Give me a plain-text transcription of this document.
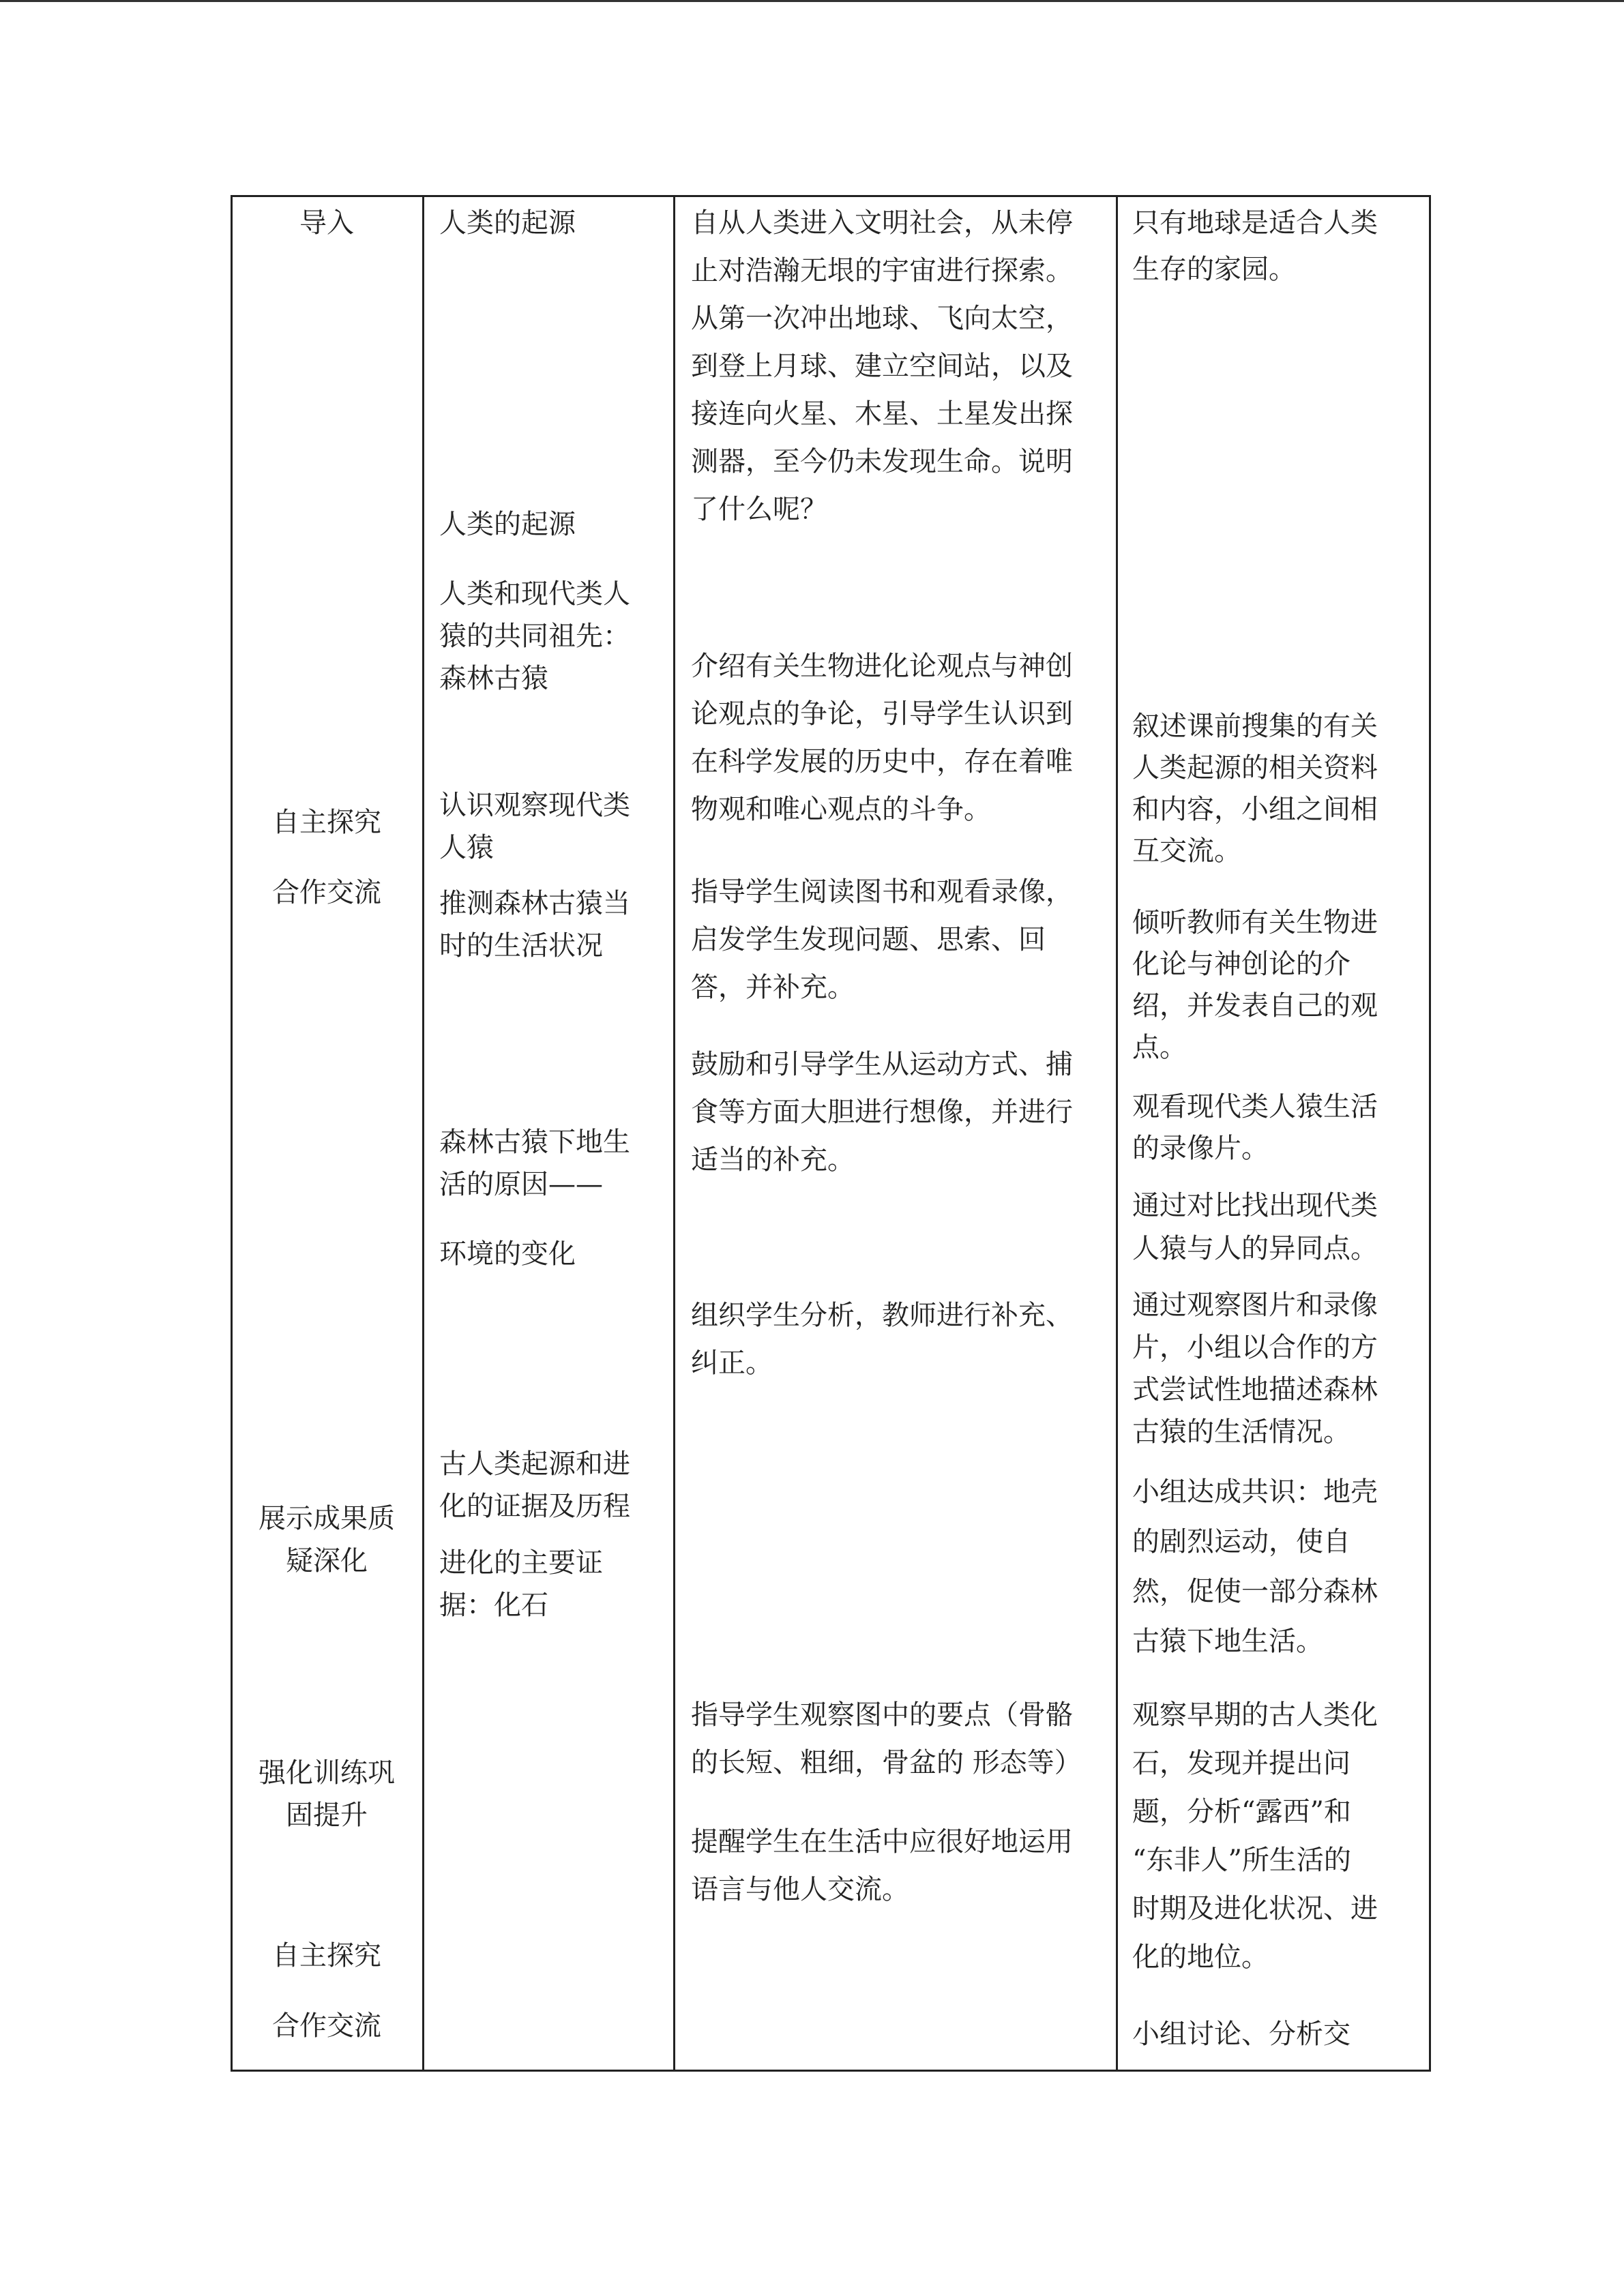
导入

自主探究

合作交流

展示成果质

疑深化

强化训练巩

固提升

自主探究

合作交流

人类的起源

人类的起源

人类和现代类人

猿的共同祖先：

森林古猿

认识观察现代类

人猿

推测森林古猿当

时的生活状况

森林古猿下地生

活的原因——

环境的变化

古人类起源和进

化的证据及历程

进化的主要证

据：化石

自从人类进入文明社会，从未停

止对浩瀚无垠的宇宙进行探索。

从第一次冲出地球、飞向太空，

到登上月球、建立空间站，以及

接连向火星、木星、土星发出探

测器，至今仍未发现生命。说明

了什么呢？

介绍有关生物进化论观点与神创

论观点的争论，引导学生认识到

在科学发展的历史中，存在着唯

物观和唯心观点的斗争。

指导学生阅读图书和观看录像，

启发学生发现问题、思索、回

答，并补充。

鼓励和引导学生从运动方式、捕

食等方面大胆进行想像，并进行

适当的补充。

组织学生分析，教师进行补充、

纠正。

指导学生观察图中的要点（骨骼

的长短、粗细，骨盆的 形态等）

提醒学生在生活中应很好地运用

语言与他人交流。

只有地球是适合人类

生存的家园。

叙述课前搜集的有关

人类起源的相关资料

和内容，小组之间相

互交流。

倾听教师有关生物进

化论与神创论的介

绍，并发表自己的观

点。

观看现代类人猿生活

的录像片。

通过对比找出现代类

人猿与人的异同点。

通过观察图片和录像

片，小组以合作的方

式尝试性地描述森林

古猿的生活情况。

小组达成共识：地壳

的剧烈运动，使自

然，促使一部分森林

古猿下地生活。

观察早期的古人类化

石，发现并提出问

题，分析“露西”和

“东非人”所生活的

时期及进化状况、进

化的地位。

小组讨论、分析交
